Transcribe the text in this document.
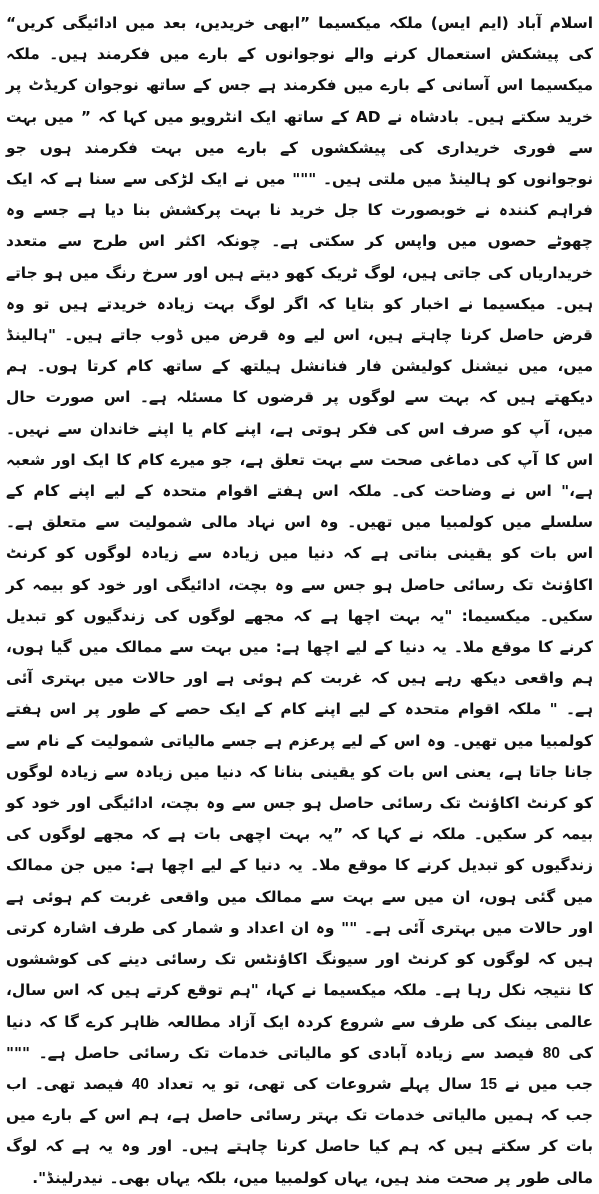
اسلام آباد (ایم ایس) ملکہ میکسیما ”ابھی خریدیں، بعد میں ادائیگی کریں“ کی پیشکش استعمال کرنے والے نوجوانوں کے بارے میں فکرمند ہیں۔ ملکہ میکسیما اس آسانی کے بارے میں فکرمند ہے جس کے ساتھ نوجوان کریڈٹ پر خرید سکتے ہیں۔ بادشاہ نے AD کے ساتھ ایک انٹرویو میں کہا کہ ” میں بہت سے فوری خریداری کی پیشکشوں کے بارے میں بہت فکرمند ہوں جو نوجوانوں کو ہالینڈ میں ملتی ہیں۔ """ میں نے ایک لڑکی سے سنا ہے کہ ایک فراہم کنندہ نے خوبصورت کا جل خرید نا بہت پرکشش بنا دیا ہے جسے وہ چھوٹے حصوں میں واپس کر سکتی ہے۔ چونکہ اکثر اس طرح سے متعدد خریداریاں کی جاتی ہیں، لوگ ٹریک کھو دیتے ہیں اور سرخ رنگ میں ہو جاتے ہیں۔ میکسیما نے اخبار کو بتایا کہ اگر لوگ بہت زیادہ خریدتے ہیں تو وہ قرض حاصل کرنا چاہتے ہیں، اس لیے وہ قرض میں ڈوب جاتے ہیں۔ "ہالینڈ میں، میں نیشنل کولیشن فار فنانشل ہیلتھ کے ساتھ کام کرتا ہوں۔ ہم دیکھتے ہیں کہ بہت سے لوگوں پر قرضوں کا مسئلہ ہے۔ اس صورت حال میں، آپ کو صرف اس کی فکر ہوتی ہے، اپنے کام یا اپنے خاندان سے نہیں۔ اس کا آپ کی دماغی صحت سے بہت تعلق ہے، جو میرے کام کا ایک اور شعبہ ہے،" اس نے وضاحت کی۔ ملکہ اس ہفتے اقوام متحدہ کے لیے اپنے کام کے سلسلے میں کولمبیا میں تھیں۔ وہ اس نہاد مالی شمولیت سے متعلق ہے۔ اس بات کو یقینی بناتی ہے کہ دنیا میں زیادہ سے زیادہ لوگوں کو کرنٹ اکاؤنٹ تک رسائی حاصل ہو جس سے وہ بچت، ادائیگی اور خود کو بیمہ کر سکیں۔ میکسیما: "یہ بہت اچھا ہے کہ مجھے لوگوں کی زندگیوں کو تبدیل کرنے کا موقع ملا۔ یہ دنیا کے لیے اچھا ہے: میں بہت سے ممالک میں گیا ہوں، ہم واقعی دیکھ رہے ہیں کہ غربت کم ہوئی ہے اور حالات میں بہتری آئی ہے۔ " ملکہ اقوام متحدہ کے لیے اپنے کام کے ایک حصے کے طور پر اس ہفتے کولمبیا میں تھیں۔ وہ اس کے لیے پرعزم ہے جسے مالیاتی شمولیت کے نام سے جانا جاتا ہے، یعنی اس بات کو یقینی بنانا کہ دنیا میں زیادہ سے زیادہ لوگوں کو کرنٹ اکاؤنٹ تک رسائی حاصل ہو جس سے وہ بچت، ادائیگی اور خود کو بیمہ کر سکیں۔ ملکہ نے کہا کہ ”یہ بہت اچھی بات ہے کہ مجھے لوگوں کی زندگیوں کو تبدیل کرنے کا موقع ملا۔ یہ دنیا کے لیے اچھا ہے: میں جن ممالک میں گئی ہوں، ان میں سے بہت سے ممالک میں واقعی غربت کم ہوئی ہے اور حالات میں بہتری آئی ہے۔ "" وہ ان اعداد و شمار کی طرف اشارہ کرتی ہیں کہ لوگوں کو کرنٹ اور سیونگ اکاؤنٹس تک رسائی دینے کی کوششوں کا نتیجہ نکل رہا ہے۔ ملکہ میکسیما نے کہا، "ہم توقع کرتے ہیں کہ اس سال، عالمی بینک کی طرف سے شروع کردہ ایک آزاد مطالعہ ظاہر کرے گا کہ دنیا کی 80 فیصد سے زیادہ آبادی کو مالیاتی خدمات تک رسائی حاصل ہے۔ """ جب میں نے 15 سال پہلے شروعات کی تھی، تو یہ تعداد 40 فیصد تھی۔ اب جب کہ ہمیں مالیاتی خدمات تک بہتر رسائی حاصل ہے، ہم اس کے بارے میں بات کر سکتے ہیں کہ ہم کیا حاصل کرنا چاہتے ہیں۔ اور وہ یہ ہے کہ لوگ مالی طور پر صحت مند ہیں، یہاں کولمبیا میں، بلکہ یہاں بھی۔ نیدرلینڈ".
